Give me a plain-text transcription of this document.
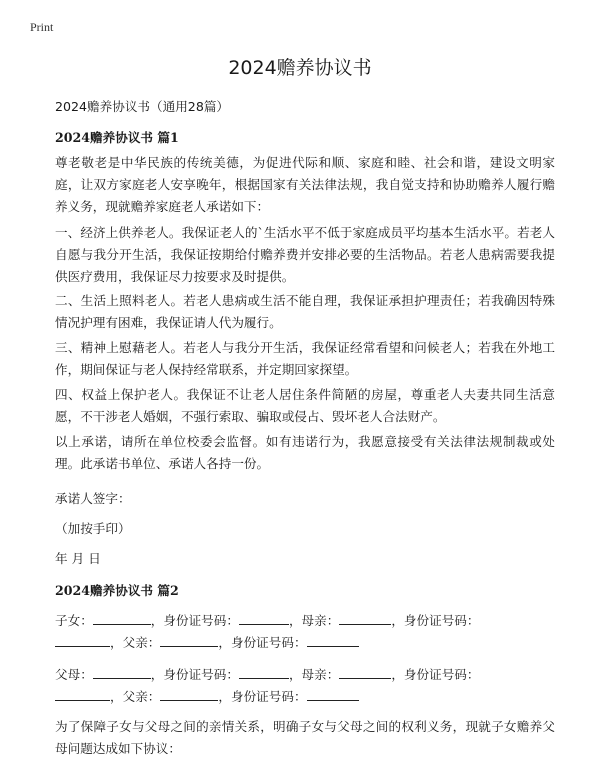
Print
2024赡养协议书
2024赡养协议书（通用28篇）
2024赡养协议书 篇1

尊老敬老是中华民族的传统美德，为促进代际和顺、家庭和睦、社会和谐，建设文明家庭，让双方家庭老人安享晚年，根据国家有关法律法规，我自觉支持和协助赡养人履行赡养义务，现就赡养家庭老人承诺如下：

一、经济上供养老人。我保证老人的`生活水平不低于家庭成员平均基本生活水平。若老人自愿与我分开生活，我保证按期给付赡养费并安排必要的生活物品。若老人患病需要我提供医疗费用，我保证尽力按要求及时提供。

二、生活上照料老人。若老人患病或生活不能自理，我保证承担护理责任；若我确因特殊情况护理有困难，我保证请人代为履行。

三、精神上慰藉老人。若老人与我分开生活，我保证经常看望和问候老人；若我在外地工作，期间保证与老人保持经常联系，并定期回家探望。

四、权益上保护老人。我保证不让老人居住条件简陋的房屋，尊重老人夫妻共同生活意愿，不干涉老人婚姻，不强行索取、骗取或侵占、毁坏老人合法财产。

以上承诺，请所在单位校委会监督。如有违诺行为，我愿意接受有关法律法规制裁或处理。此承诺书单位、承诺人各持一份。

承诺人签字：
（加按手印）
年 月 日
2024赡养协议书 篇2
子女：	，身份证号码：	，母亲：	，身份证号码：
，父亲：	，身份证号码：
父母：	，身份证号码：	，母亲：	，身份证号码：
，父亲：	，身份证号码：

为了保障子女与父母之间的亲情关系，明确子女与父母之间的权利义务，现就子女赡养父母问题达成如下协议：
